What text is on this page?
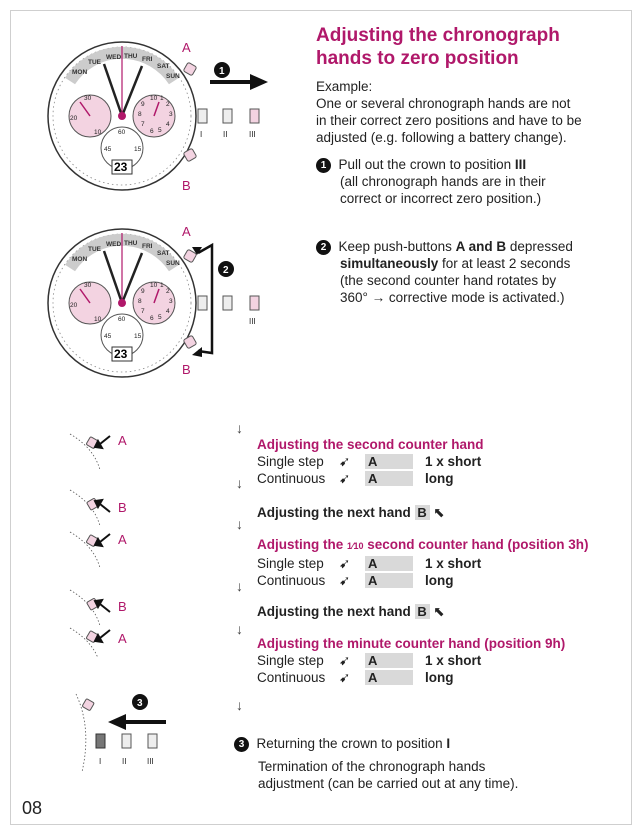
Adjusting the chronograph
hands to zero position
Example:
One or several chronograph hands are not
in their correct zero positions and have to be
adjusted (e.g. following a battery change).
1 Pull out the crown to position III
(all chronograph hands are in their
correct or incorrect zero position.)
2 Keep push-buttons A and B depressed
simultaneously for at least 2 seconds
(the second counter hand rotates by
360° → corrective mode is activated.)
MON
TUE
WED THU FRI
SAT
SUN
30
20
10
10
9
8
7
6 5
4
3
2
1
60
45	15
23
I	II	III
1
A
B
MON
TUE
WED THU FRI
SAT
SUN
30
20
10
10
9
8
7
6 5
4
3
2
1
60
45	15
23
III
2
A
B
A
B
A
B
A
↓
↓
↓
↓
↓
↓
Adjusting the second counter hand
Single step ➹ A	1 x short
Continuous ➹ A	long
Adjusting the next hand B ⬉
Adjusting the 1⁄10 second counter hand (position 3h)
Single step ➹ A	1 x short
Continuous ➹ A	long
Adjusting the next hand B ⬉
Adjusting the minute counter hand (position 9h)
Single step ➹ A	1 x short
Continuous ➹ A	long
I	II	III
3
3 Returning the crown to position I
Termination of the chronograph hands
adjustment (can be carried out at any time).
08
